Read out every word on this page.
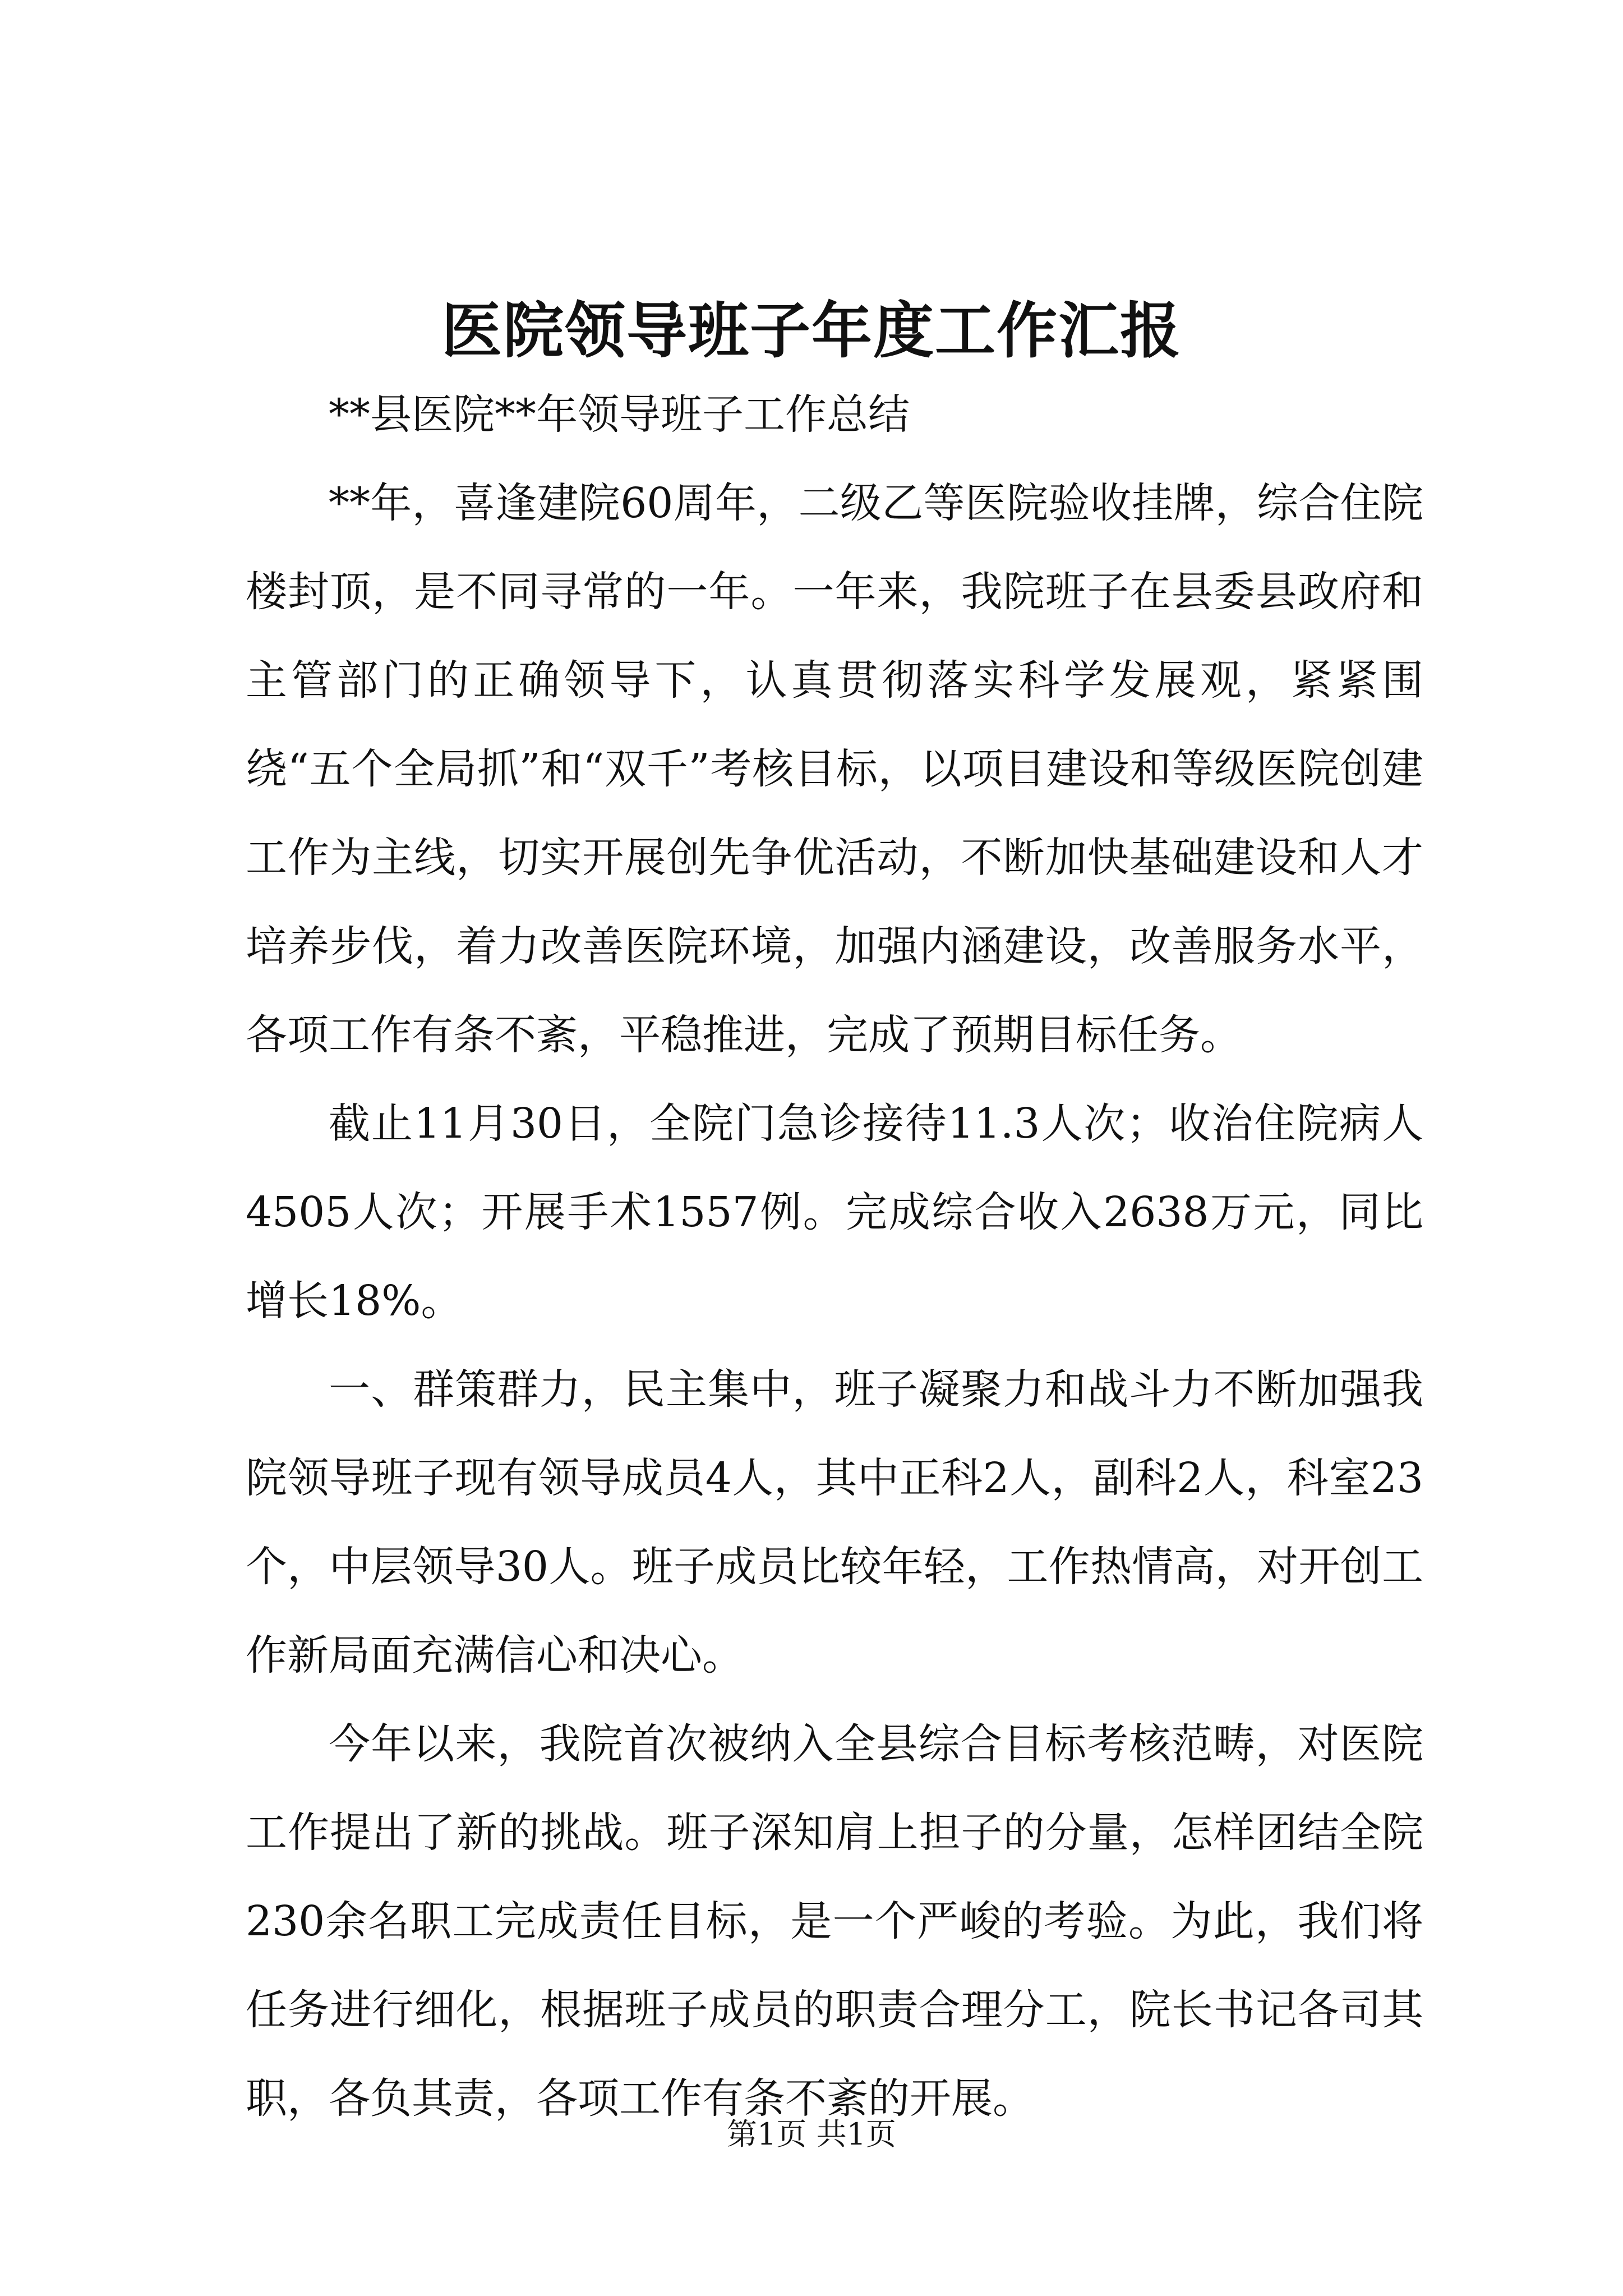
医院领导班子年度工作汇报

**县医院**年领导班子工作总结

**年，喜逢建院60周年，二级乙等医院验收挂牌，综合住院楼封顶，是不同寻常的一年。一年来，我院班子在县委县政府和主管部门的正确领导下，认真贯彻落实科学发展观，紧紧围绕“五个全局抓”和“双千”考核目标，以项目建设和等级医院创建工作为主线，切实开展创先争优活动，不断加快基础建设和人才培养步伐，着力改善医院环境，加强内涵建设，改善服务水平，各项工作有条不紊，平稳推进，完成了预期目标任务。

截止11月30日，全院门急诊接待11.3人次；收治住院病人4505人次；开展手术1557例。完成综合收入2638万元，同比增长18%。

一、群策群力，民主集中，班子凝聚力和战斗力不断加强我院领导班子现有领导成员4人，其中正科2人，副科2人，科室23个，中层领导30人。班子成员比较年轻，工作热情高，对开创工作新局面充满信心和决心。

今年以来，我院首次被纳入全县综合目标考核范畴，对医院工作提出了新的挑战。班子深知肩上担子的分量，怎样团结全院230余名职工完成责任目标，是一个严峻的考验。为此，我们将任务进行细化，根据班子成员的职责合理分工，院长书记各司其职，各负其责，各项工作有条不紊的开展。

第1页 共1页
